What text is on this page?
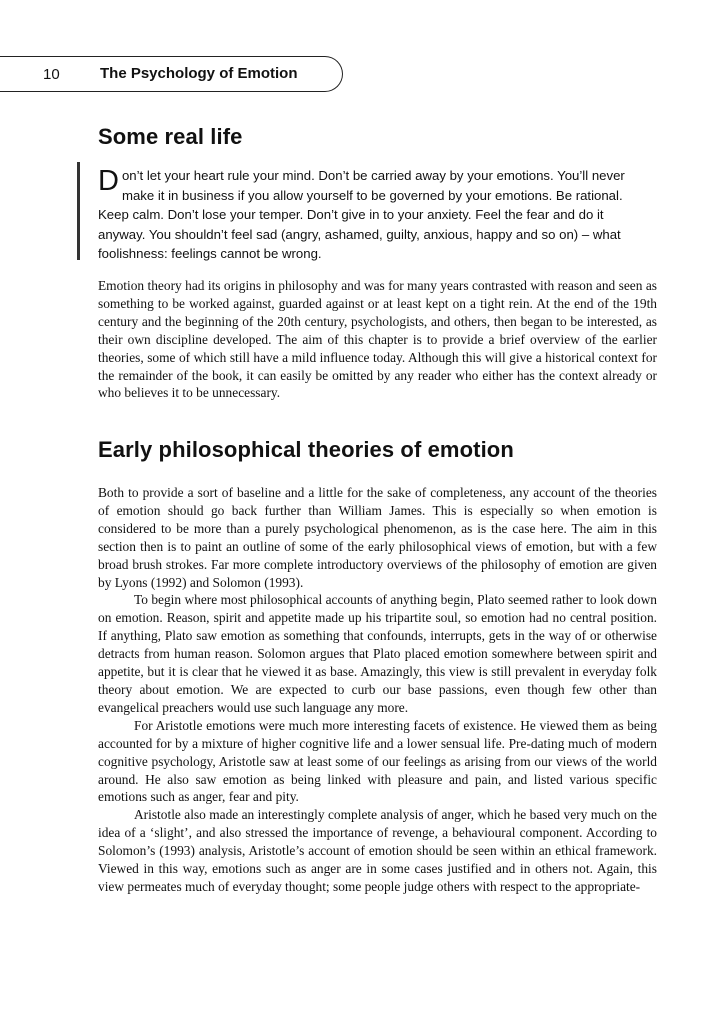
10	The Psychology of Emotion
Some real life

Don’t let your heart rule your mind. Don’t be carried away by your emotions. You’ll never make it in business if you allow yourself to be governed by your emotions. Be rational. Keep calm. Don’t lose your temper. Don’t give in to your anxiety. Feel the fear and do it anyway. You shouldn’t feel sad (angry, ashamed, guilty, anxious, happy and so on) – what foolishness: feelings cannot be wrong.

Emotion theory had its origins in philosophy and was for many years contrasted with reason and seen as something to be worked against, guarded against or at least kept on a tight rein. At the end of the 19th century and the beginning of the 20th century, psychologists, and others, then began to be interested, as their own discipline developed. The aim of this chapter is to provide a brief overview of the earlier theories, some of which still have a mild influence today. Although this will give a historical context for the remainder of the book, it can easily be omitted by any reader who either has the context already or who believes it to be unnecessary.

Early philosophical theories of emotion

Both to provide a sort of baseline and a little for the sake of completeness, any account of the theories of emotion should go back further than William James. This is especially so when emotion is considered to be more than a purely psychological phenomenon, as is the case here. The aim in this section then is to paint an outline of some of the early philosophical views of emotion, but with a few broad brush strokes. Far more complete introductory overviews of the philosophy of emotion are given by Lyons (1992) and Solomon (1993).

To begin where most philosophical accounts of anything begin, Plato seemed rather to look down on emotion. Reason, spirit and appetite made up his tripartite soul, so emotion had no central position. If anything, Plato saw emotion as something that confounds, interrupts, gets in the way of or otherwise detracts from human reason. Solomon argues that Plato placed emotion somewhere between spirit and appetite, but it is clear that he viewed it as base. Amazingly, this view is still prevalent in everyday folk theory about emotion. We are expected to curb our base passions, even though few other than evangelical preachers would use such language any more.

For Aristotle emotions were much more interesting facets of existence. He viewed them as being accounted for by a mixture of higher cognitive life and a lower sensual life. Pre-dating much of modern cognitive psychology, Aristotle saw at least some of our feelings as arising from our views of the world around. He also saw emotion as being linked with pleasure and pain, and listed various specific emotions such as anger, fear and pity.

Aristotle also made an interestingly complete analysis of anger, which he based very much on the idea of a ‘slight’, and also stressed the importance of revenge, a behavioural component. According to Solomon’s (1993) analysis, Aristotle’s account of emotion should be seen within an ethical framework. Viewed in this way, emotions such as anger are in some cases justified and in others not. Again, this view permeates much of everyday thought; some people judge others with respect to the appropriate-
